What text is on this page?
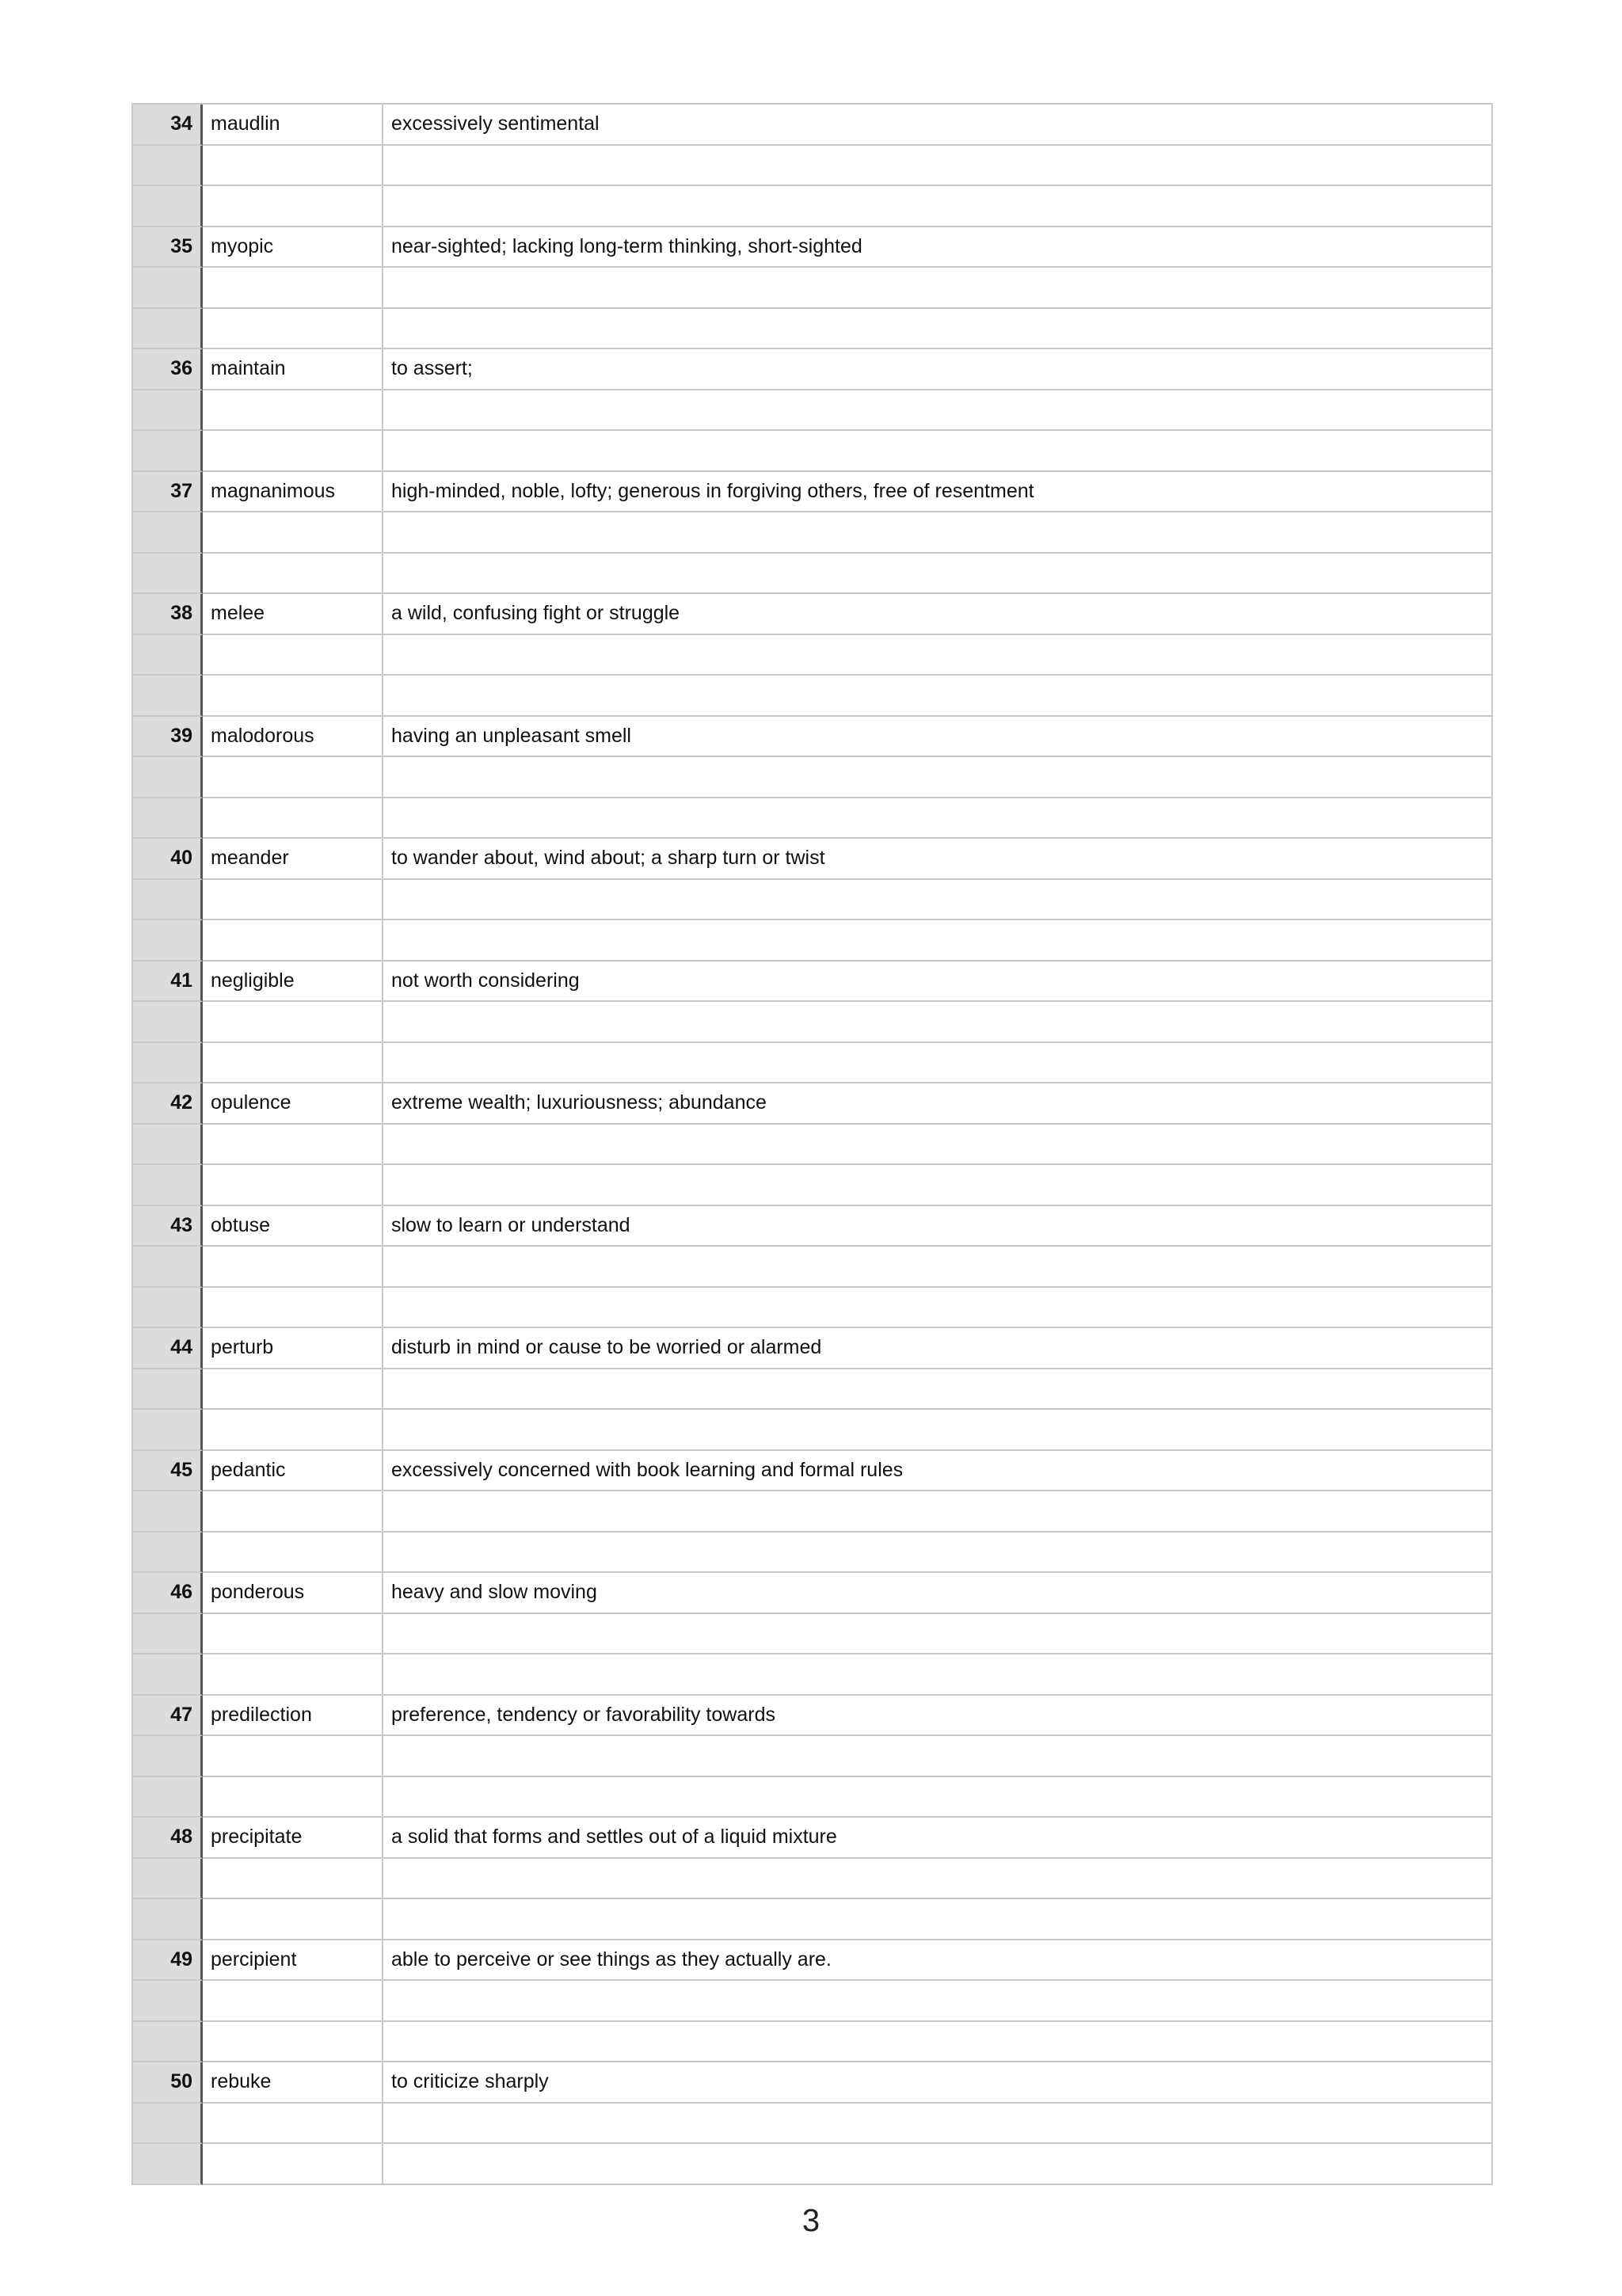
34 maudlin	excessively sentimental
35 myopic	near-sighted; lacking long-term thinking, short-sighted
36 maintain	to assert;
37 magnanimous	high-minded, noble, lofty; generous in forgiving others, free of resentment
38 melee	a wild, confusing fight or struggle
39 malodorous	having an unpleasant smell
40 meander	to wander about, wind about; a sharp turn or twist
41 negligible	not worth considering
42 opulence	extreme wealth; luxuriousness; abundance
43 obtuse	slow to learn or understand
44 perturb	disturb in mind or cause to be worried or alarmed
45 pedantic	excessively concerned with book learning and formal rules
46 ponderous	heavy and slow moving
47 predilection	preference, tendency or favorability towards
48 precipitate	a solid that forms and settles out of a liquid mixture
49 percipient	able to perceive or see things as they actually are.
50 rebuke	to criticize sharply
3
